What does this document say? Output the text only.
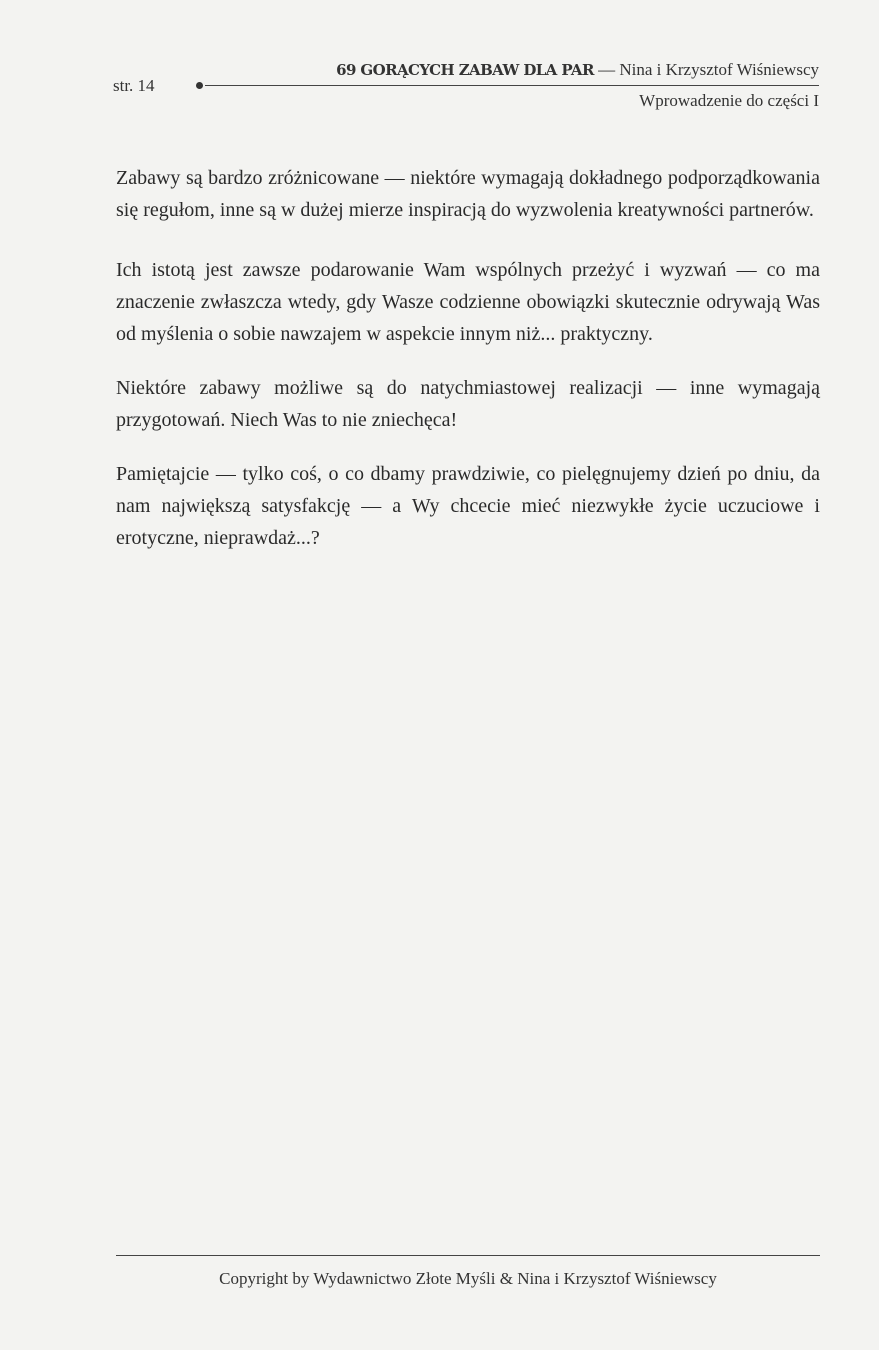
str. 14
69 GORĄCYCH ZABAW DLA PAR — Nina i Krzysztof Wiśniewscy
Wprowadzenie do części I

Zabawy są bardzo zróżnicowane — niektóre wymagają dokładnego podporządkowania się regułom, inne są w dużej mierze inspiracją do wyzwolenia kreatywności partnerów.

Ich istotą jest zawsze podarowanie Wam wspólnych przeżyć i wyzwań — co ma znaczenie zwłaszcza wtedy, gdy Wasze codzienne obowiązki skutecznie odrywają Was od myślenia o sobie nawzajem w aspekcie innym niż... praktyczny.

Niektóre zabawy możliwe są do natychmiastowej realizacji — inne wymagają przygotowań. Niech Was to nie zniechęca!

Pamiętajcie — tylko coś, o co dbamy prawdziwie, co pielęgnujemy dzień po dniu, da nam największą satysfakcję — a Wy chcecie mieć niezwykłe życie uczuciowe i erotyczne, nieprawdaż...?

Copyright by Wydawnictwo Złote Myśli & Nina i Krzysztof Wiśniewscy
